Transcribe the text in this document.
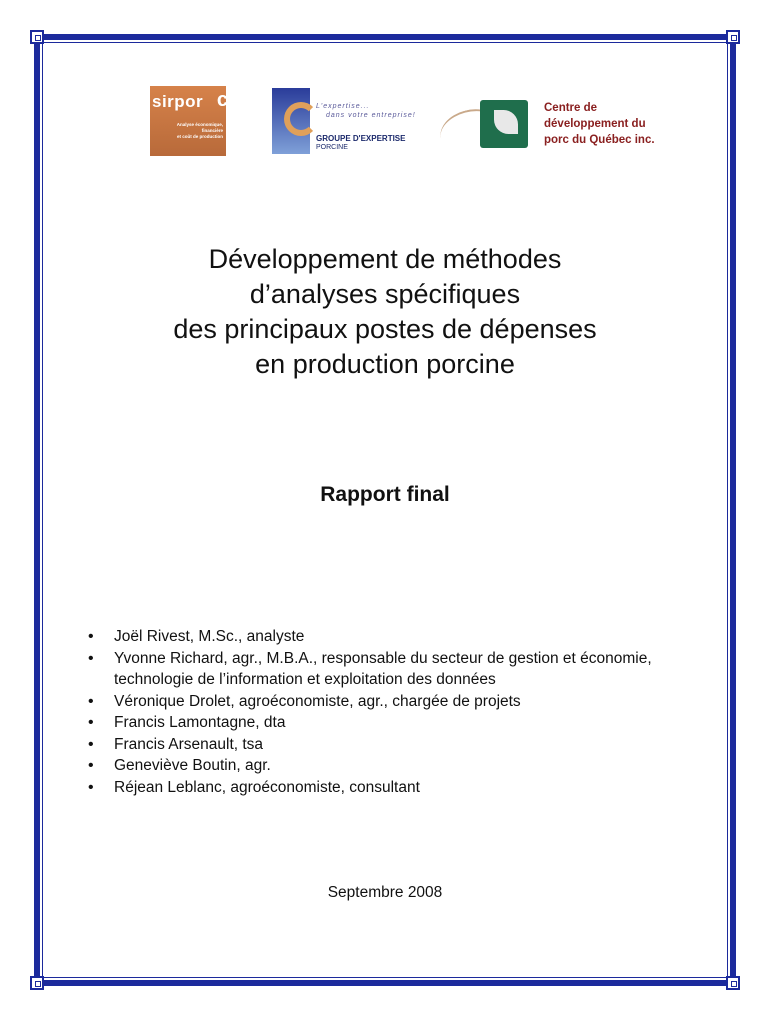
sirpor c
Analyse économique,
financière
et coût de production
L'expertise...
dans votre entreprise!
GROUPE D'EXPERTISE
PORCINE
Centre de
développement du
porc du Québec inc.
Développement de méthodes
d’analyses spécifiques
des principaux postes de dépenses
en production porcine
Rapport final
• Joël Rivest, M.Sc., analyste
• Yvonne Richard, agr., M.B.A., responsable du secteur de gestion et économie, technologie de l’information et exploitation des données
• Véronique Drolet, agroéconomiste, agr., chargée de projets
• Francis Lamontagne, dta
• Francis Arsenault, tsa
• Geneviève Boutin, agr.
• Réjean Leblanc, agroéconomiste, consultant
Septembre 2008
